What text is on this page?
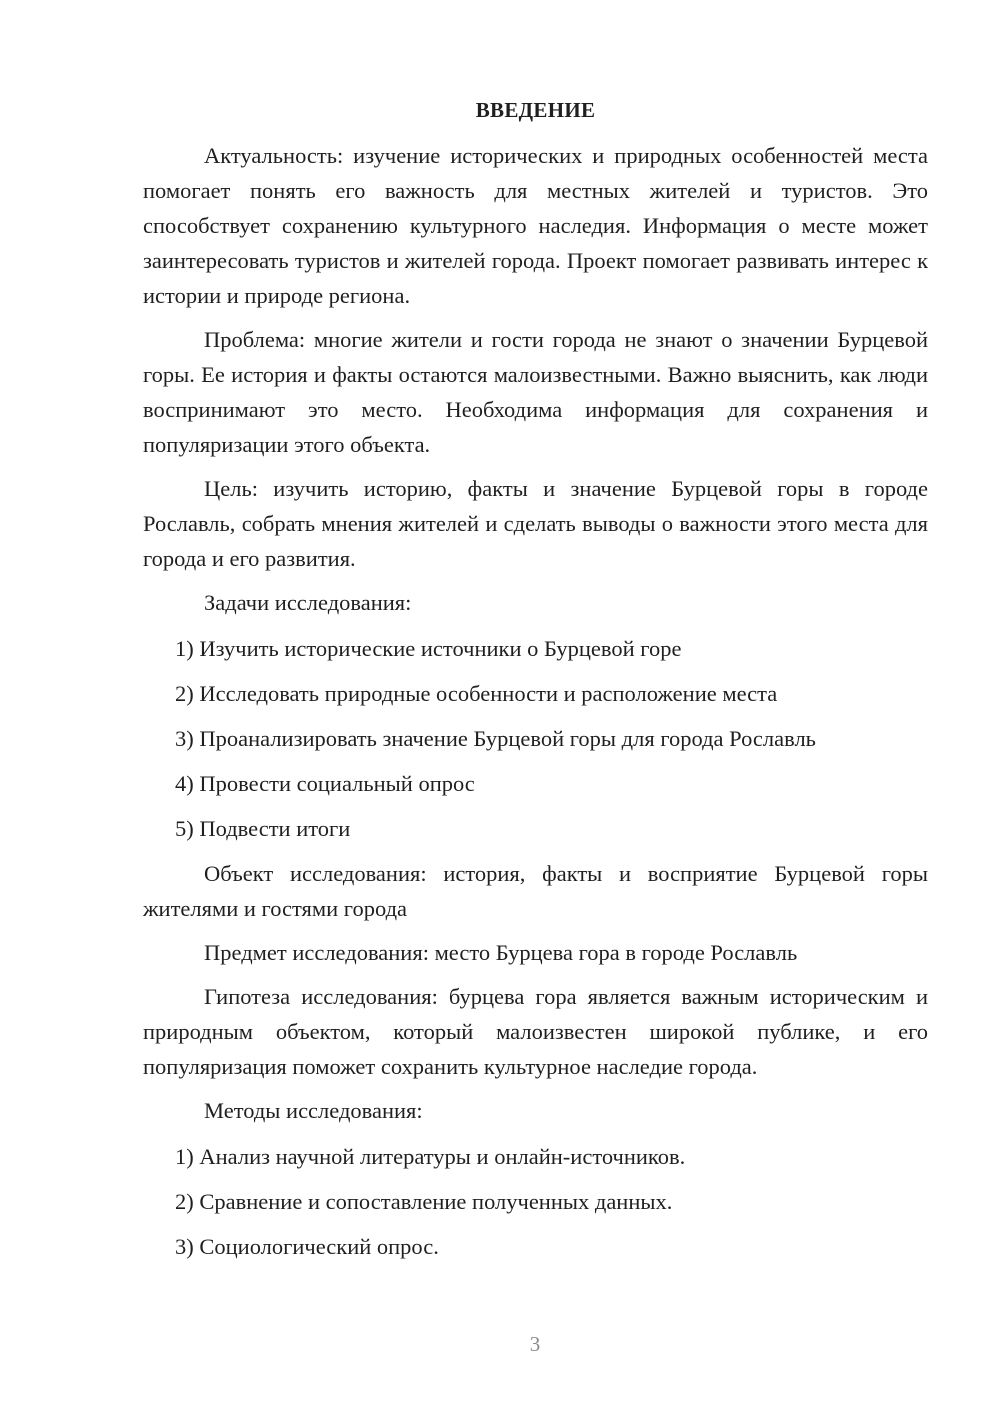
ВВЕДЕНИЕ

Актуальность: изучение исторических и природных особенностей места помогает понять его важность для местных жителей и туристов. Это способствует сохранению культурного наследия. Информация о месте может заинтересовать туристов и жителей города. Проект помогает развивать интерес к истории и природе региона.

Проблема: многие жители и гости города не знают о значении Бурцевой горы. Ее история и факты остаются малоизвестными. Важно выяснить, как люди воспринимают это место. Необходима информация для сохранения и популяризации этого объекта.

Цель: изучить историю, факты и значение Бурцевой горы в городе Рославль, собрать мнения жителей и сделать выводы о важности этого места для города и его развития.

Задачи исследования:

1) Изучить исторические источники о Бурцевой горе

2) Исследовать природные особенности и расположение места

3) Проанализировать значение Бурцевой горы для города Рославль

4) Провести социальный опрос

5) Подвести итоги

Объект исследования: история, факты и восприятие Бурцевой горы жителями и гостями города

Предмет исследования: место Бурцева гора в городе Рославль

Гипотеза исследования: бурцева гора является важным историческим и природным объектом, который малоизвестен широкой публике, и его популяризация поможет сохранить культурное наследие города.

Методы исследования:

1) Анализ научной литературы и онлайн-источников.

2) Сравнение и сопоставление полученных данных.

3) Социологический опрос.

3
